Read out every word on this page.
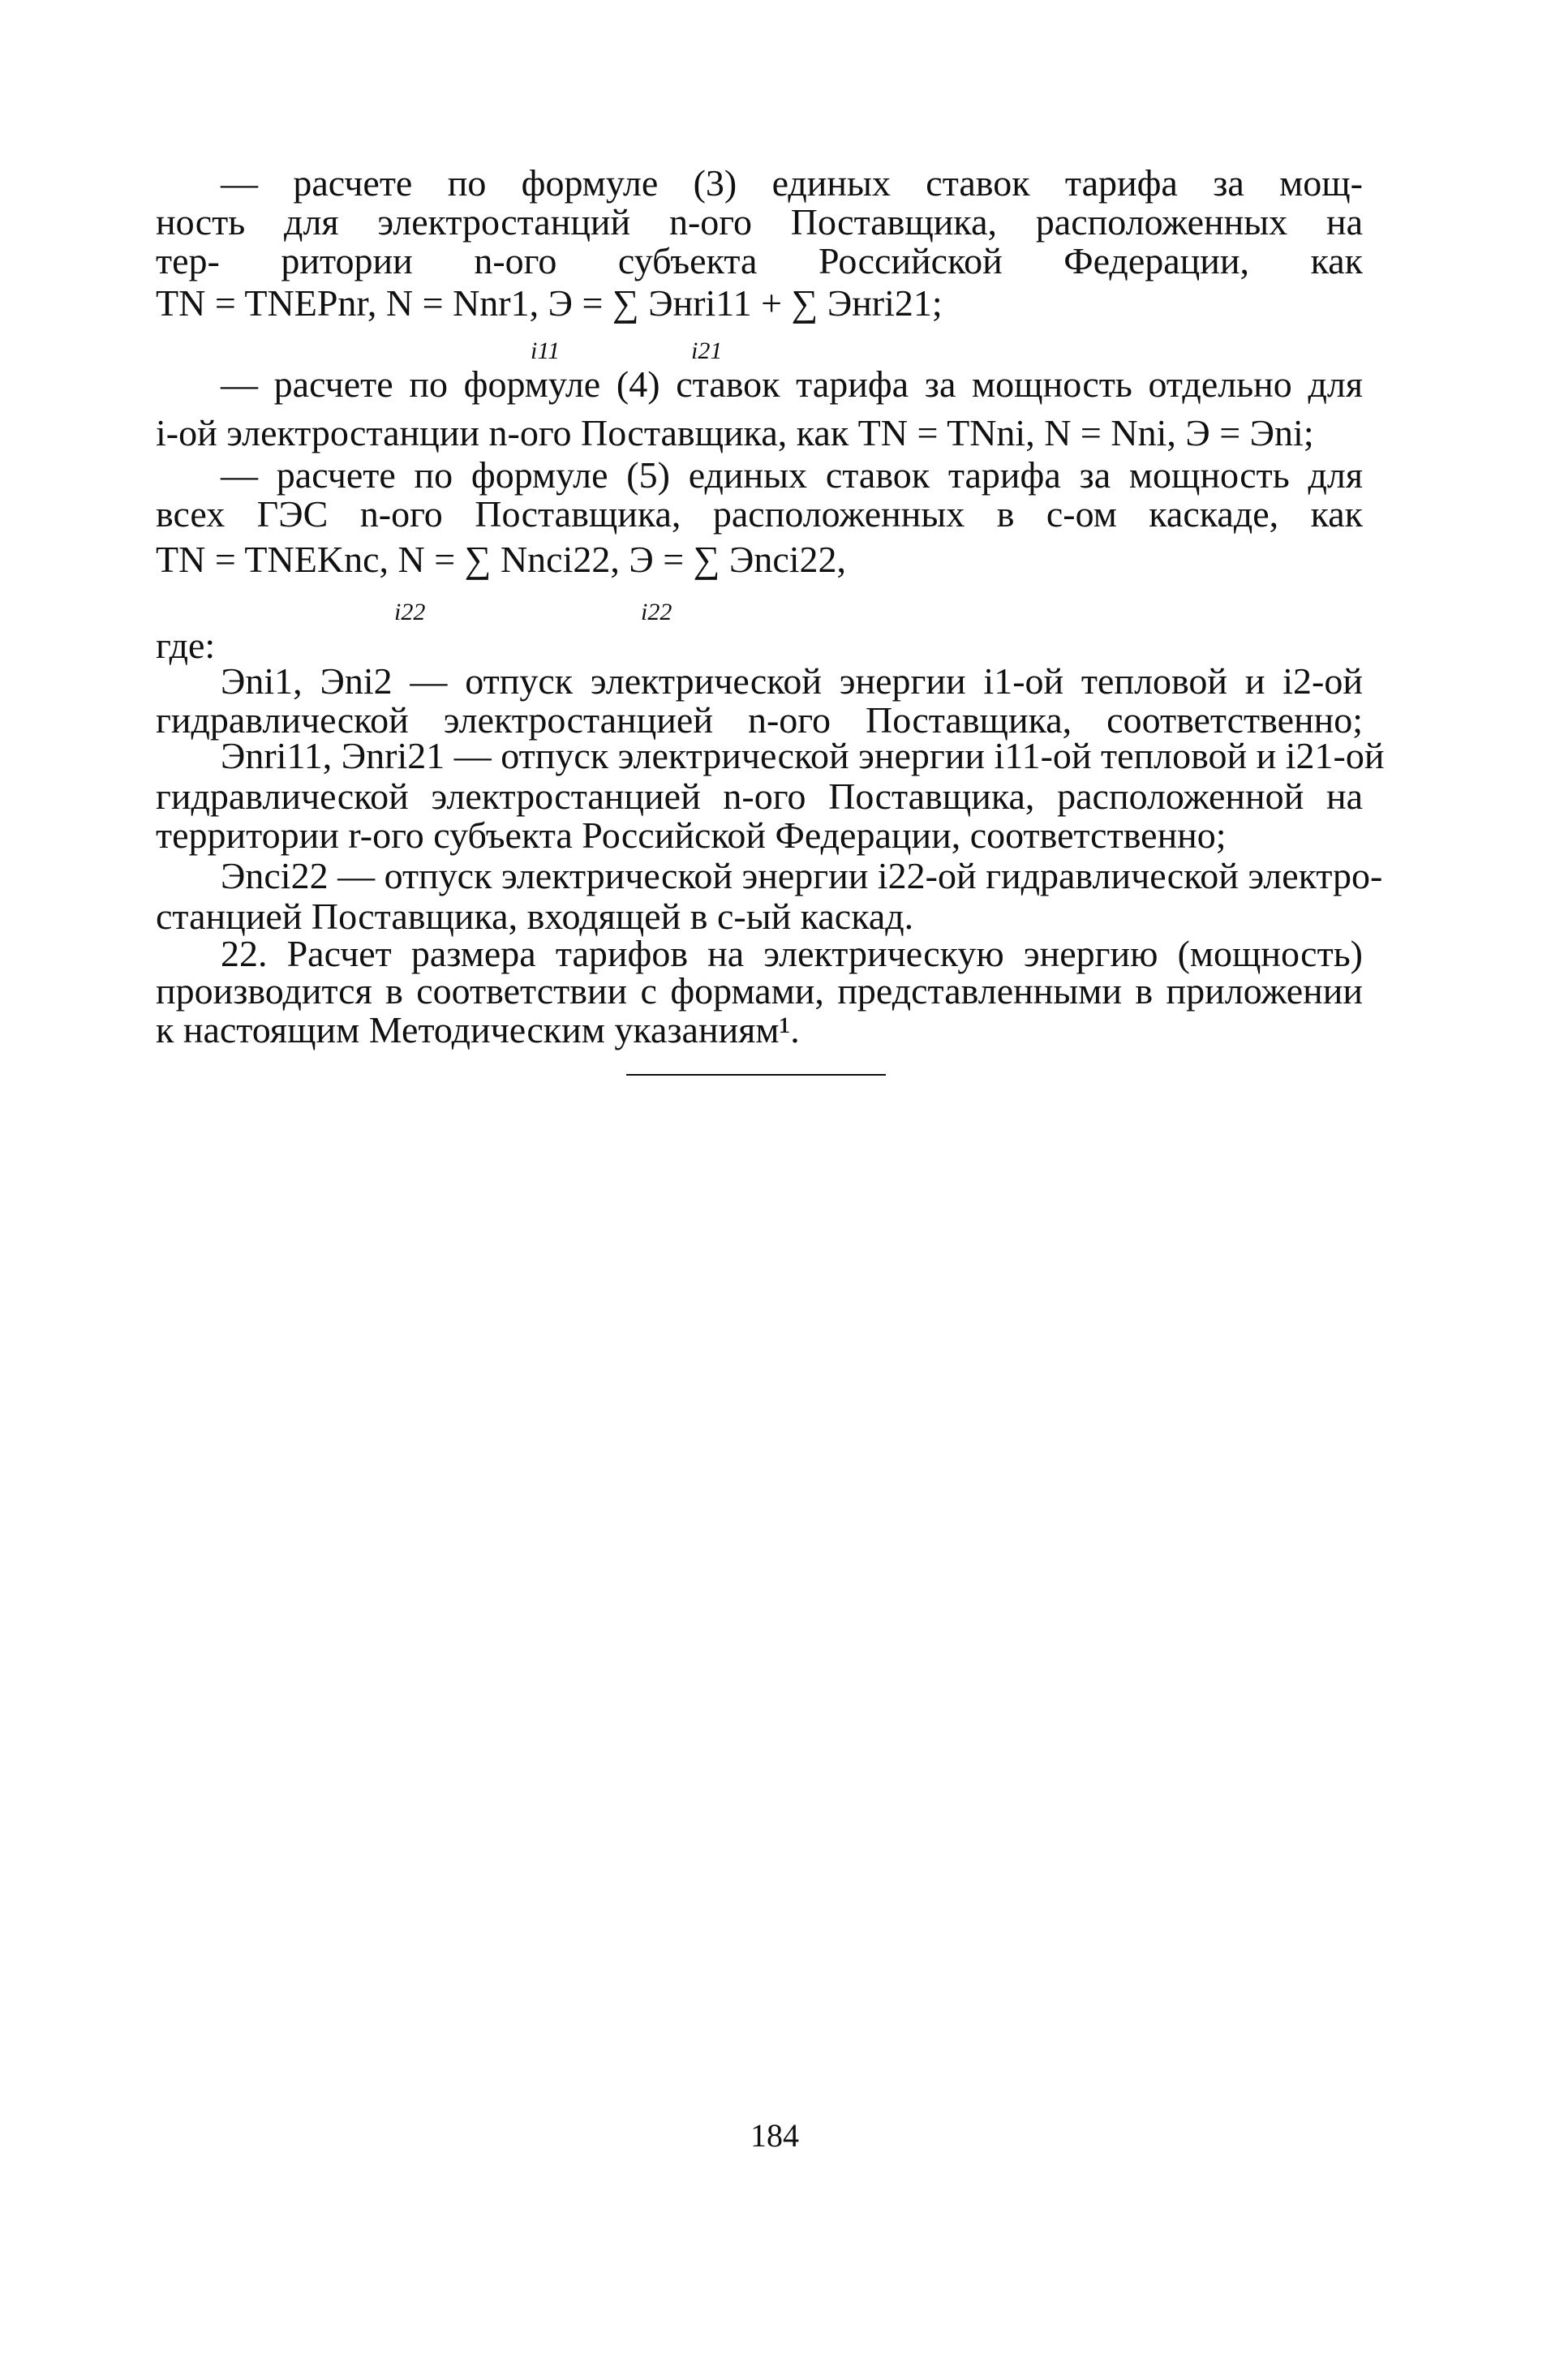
— расчете по формуле (3) единых ставок тарифа за мощ-
ность для электростанций n-ого Поставщика, расположенных на
тер- ритории n-ого субъекта Российской Федерации, как
TN = TNEPnr, N = Nnr1, Э = ∑ Энri11 + ∑ Энri21;
i11	i21
— расчете по формуле (4) ставок тарифа за мощность отдельно для
i-ой электростанции n-ого Поставщика, как TN = TNni, N = Nni, Э = Эni;
— расчете по формуле (5) единых ставок тарифа за мощность для
всех ГЭС n-ого Поставщика, расположенных в с-ом каскаде, как
TN = TNEKnc, N = ∑ Nnci22, Э = ∑ Эnci22,
i22	i22
где:
Эni1, Эni2 — отпуск электрической энергии i1-ой тепловой и i2-ой
гидравлической электростанцией n-ого Поставщика, соответственно;
Эnri11, Эnri21 — отпуск электрической энергии i11-ой тепловой и i21-ой
гидравлической электростанцией n-ого Поставщика, расположенной на
территории r-ого субъекта Российской Федерации, соответственно;
Эnci22 — отпуск электрической энергии i22-ой гидравлической электро-
станцией Поставщика, входящей в с-ый каскад.
22. Расчет размера тарифов на электрическую энергию (мощность)
производится в соответствии с формами, представленными в приложении
к настоящим Методическим указаниям¹.
184
